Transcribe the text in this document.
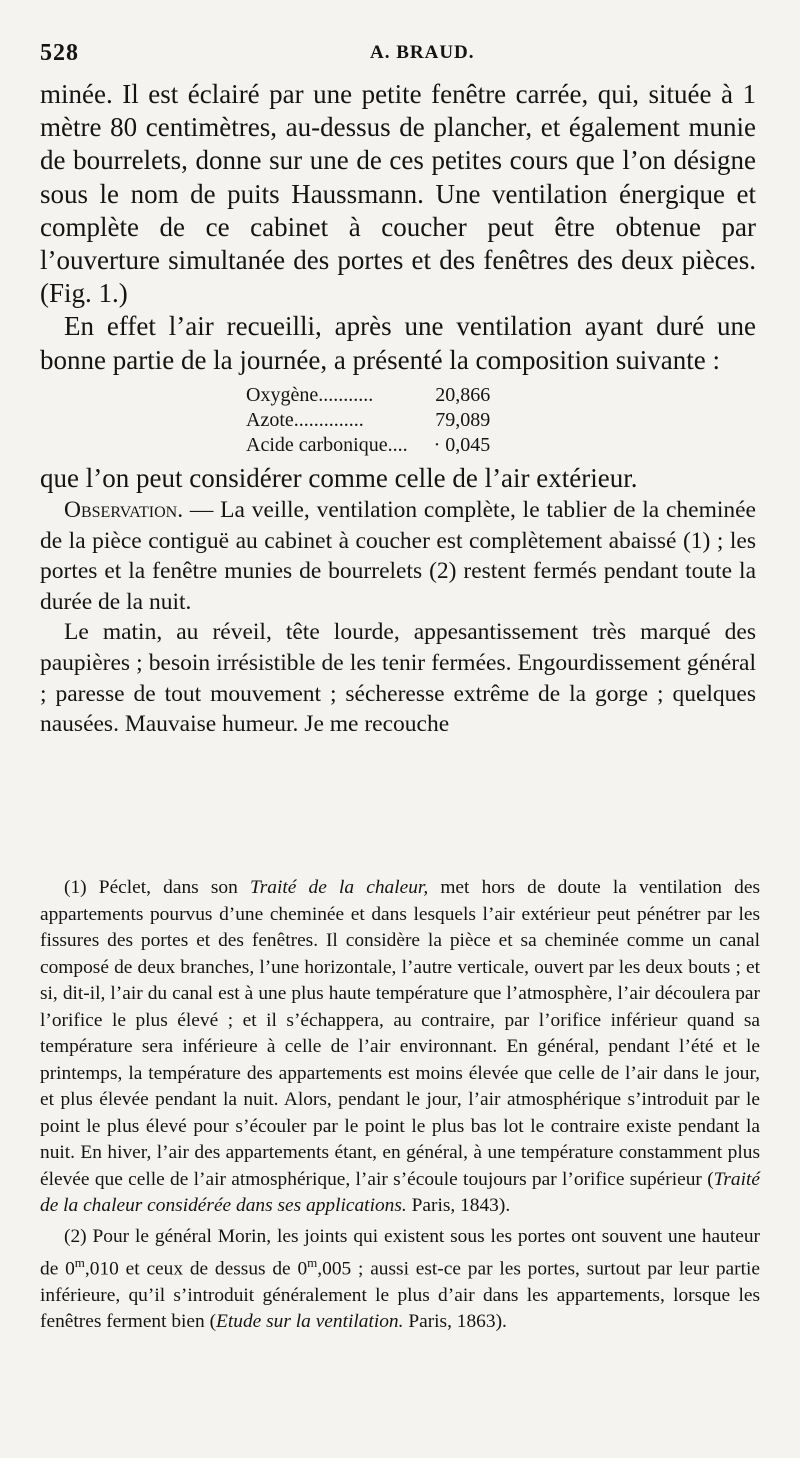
528	A. BRAUD.

minée. Il est éclairé par une petite fenêtre carrée, qui, située à 1 mètre 80 centimètres, au-dessus de plancher, et également munie de bourrelets, donne sur une de ces petites cours que l’on désigne sous le nom de puits Haussmann. Une ventilation énergique et complète de ce cabinet à coucher peut être obtenue par l’ouverture simultanée des portes et des fenêtres des deux pièces. (Fig. 1.)

En effet l’air recueilli, après une ventilation ayant duré une bonne partie de la journée, a présenté la composition suivante :

Oxygène...........	20,866
Azote..............	79,089
Acide carbonique....	· 0,045

que l’on peut considérer comme celle de l’air extérieur.

Observation. — La veille, ventilation complète, le tablier de la cheminée de la pièce contiguë au cabinet à coucher est complètement abaissé (1) ; les portes et la fenêtre munies de bourrelets (2) restent fermés pendant toute la durée de la nuit.

Le matin, au réveil, tête lourde, appesantissement très marqué des paupières ; besoin irrésistible de les tenir fermées. Engourdissement général ; paresse de tout mouvement ; sécheresse extrême de la gorge ; quelques nausées. Mauvaise humeur. Je me recouche

(1) Péclet, dans son Traité de la chaleur, met hors de doute la ventilation des appartements pourvus d’une cheminée et dans lesquels l’air extérieur peut pénétrer par les fissures des portes et des fenêtres. Il considère la pièce et sa cheminée comme un canal composé de deux branches, l’une horizontale, l’autre verticale, ouvert par les deux bouts ; et si, dit-il, l’air du canal est à une plus haute température que l’atmosphère, l’air découlera par l’orifice le plus élevé ; et il s’échappera, au contraire, par l’orifice inférieur quand sa température sera inférieure à celle de l’air environnant. En général, pendant l’été et le printemps, la température des appartements est moins élevée que celle de l’air dans le jour, et plus élevée pendant la nuit. Alors, pendant le jour, l’air atmosphérique s’introduit par le point le plus élevé pour s’écouler par le point le plus bas lot le contraire existe pendant la nuit. En hiver, l’air des appartements étant, en général, à une température constamment plus élevée que celle de l’air atmosphérique, l’air s’écoule toujours par l’orifice supérieur (Traité de la chaleur considérée dans ses applications. Paris, 1843).

(2) Pour le général Morin, les joints qui existent sous les portes ont souvent une hauteur de 0$^m$,010 et ceux de dessus de 0$^m$,005 ; aussi est-ce par les portes, surtout par leur partie inférieure, qu’il s’introduit généralement le plus d’air dans les appartements, lorsque les fenêtres ferment bien (Etude sur la ventilation. Paris, 1863).
